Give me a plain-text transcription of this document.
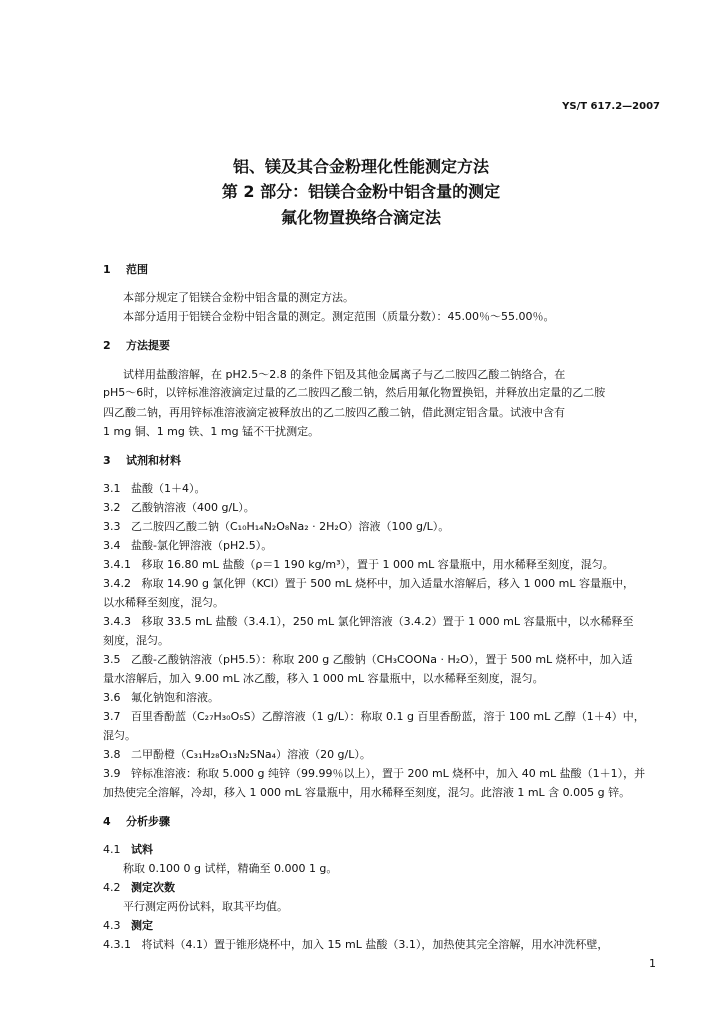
YS/T 617.2—2007
铝、镁及其合金粉理化性能测定方法
第 2 部分：铝镁合金粉中铝含量的测定
氟化物置换络合滴定法
1 范围
本部分规定了铝镁合金粉中铝含量的测定方法。
本部分适用于铝镁合金粉中铝含量的测定。测定范围（质量分数）：45.00％～55.00％。
2 方法提要
试样用盐酸溶解，在 pH2.5～2.8 的条件下铝及其他金属离子与乙二胺四乙酸二钠络合，在
pH5～6时，以锌标准溶液滴定过量的乙二胺四乙酸二钠，然后用氟化物置换铝，并释放出定量的乙二胺
四乙酸二钠，再用锌标准溶液滴定被释放出的乙二胺四乙酸二钠，借此测定铝含量。试液中含有
1 mg 铜、1 mg 铁、1 mg 锰不干扰测定。
3 试剂和材料
3.1 盐酸（1＋4）。
3.2 乙酸钠溶液（400 g/L）。
3.3 乙二胺四乙酸二钠（C₁₀H₁₄N₂O₈Na₂ · 2H₂O）溶液（100 g/L）。
3.4 盐酸-氯化钾溶液（pH2.5）。
3.4.1 移取 16.80 mL 盐酸（ρ＝1 190 kg/m³），置于 1 000 mL 容量瓶中，用水稀释至刻度，混匀。
3.4.2 称取 14.90 g 氯化钾（KCl）置于 500 mL 烧杯中，加入适量水溶解后，移入 1 000 mL 容量瓶中，
以水稀释至刻度，混匀。
3.4.3 移取 33.5 mL 盐酸（3.4.1），250 mL 氯化钾溶液（3.4.2）置于 1 000 mL 容量瓶中，以水稀释至
刻度，混匀。
3.5 乙酸-乙酸钠溶液（pH5.5）：称取 200 g 乙酸钠（CH₃COONa · H₂O），置于 500 mL 烧杯中，加入适
量水溶解后，加入 9.00 mL 冰乙酸，移入 1 000 mL 容量瓶中，以水稀释至刻度，混匀。
3.6 氟化钠饱和溶液。
3.7 百里香酚蓝（C₂₇H₃₀O₅S）乙醇溶液（1 g/L）：称取 0.1 g 百里香酚蓝，溶于 100 mL 乙醇（1＋4）中，
混匀。
3.8 二甲酚橙（C₃₁H₂₈O₁₃N₂SNa₄）溶液（20 g/L）。
3.9 锌标准溶液：称取 5.000 g 纯锌（99.99％以上），置于 200 mL 烧杯中，加入 40 mL 盐酸（1＋1），并
加热使完全溶解，冷却，移入 1 000 mL 容量瓶中，用水稀释至刻度，混匀。此溶液 1 mL 含 0.005 g 锌。
4 分析步骤
4.1 试料
称取 0.100 0 g 试样，精确至 0.000 1 g。
4.2 测定次数
平行测定两份试料，取其平均值。
4.3 测定
4.3.1 将试料（4.1）置于锥形烧杯中，加入 15 mL 盐酸（3.1），加热使其完全溶解，用水冲洗杯壁，
1
